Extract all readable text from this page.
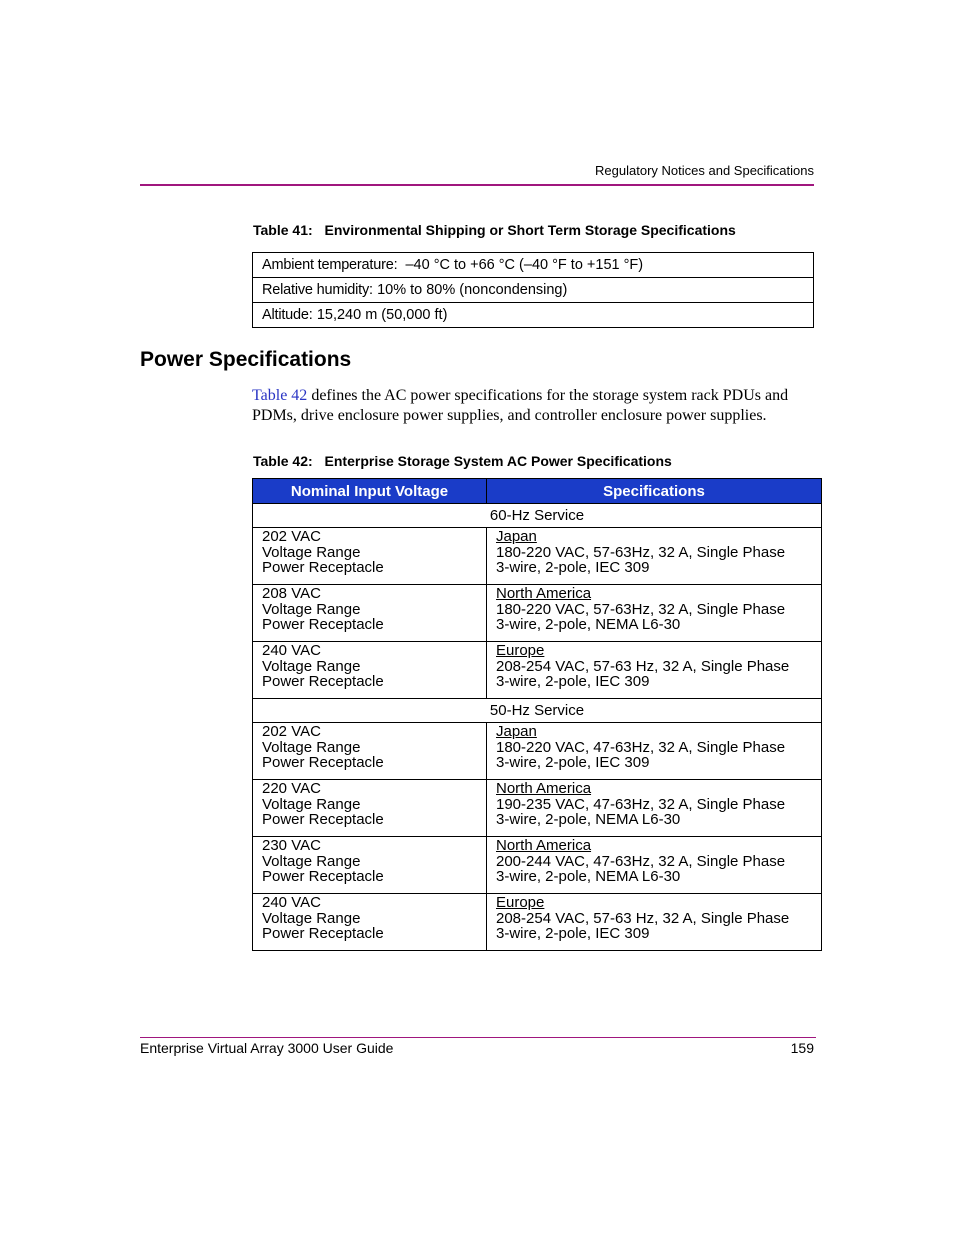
Regulatory Notices and Specifications
Table 41: Environmental Shipping or Short Term Storage Specifications
Ambient temperature:  –40 °C to +66 °C (–40 °F to +151 °F)
Relative humidity: 10% to 80% (noncondensing)
Altitude: 15,240 m (50,000 ft)
Power Specifications
Table 42 defines the AC power specifications for the storage system rack PDUs and PDMs, drive enclosure power supplies, and controller enclosure power supplies.
Table 42: Enterprise Storage System AC Power Specifications
Nominal Input Voltage	Specifications
60-Hz Service	

202 VAC
Voltage Range
Power Receptacle	Japan
180-220 VAC, 57-63Hz, 32 A, Single Phase
3-wire, 2-pole, IEC 309

208 VAC
Voltage Range
Power Receptacle	North America
180-220 VAC, 57-63Hz, 32 A, Single Phase
3-wire, 2-pole, NEMA L6-30

240 VAC
Voltage Range
Power Receptacle	Europe
208-254 VAC, 57-63 Hz, 32 A, Single Phase
3-wire, 2-pole, IEC 309

50-Hz Service	

202 VAC
Voltage Range
Power Receptacle	Japan
180-220 VAC, 47-63Hz, 32 A, Single Phase
3-wire, 2-pole, IEC 309

220 VAC
Voltage Range
Power Receptacle	North America
190-235 VAC, 47-63Hz, 32 A, Single Phase
3-wire, 2-pole, NEMA L6-30

230 VAC
Voltage Range
Power Receptacle	North America
200-244 VAC, 47-63Hz, 32 A, Single Phase
3-wire, 2-pole, NEMA L6-30

240 VAC
Voltage Range
Power Receptacle	Europe
208-254 VAC, 57-63 Hz, 32 A, Single Phase
3-wire, 2-pole, IEC 309
Enterprise Virtual Array 3000 User Guide	159
